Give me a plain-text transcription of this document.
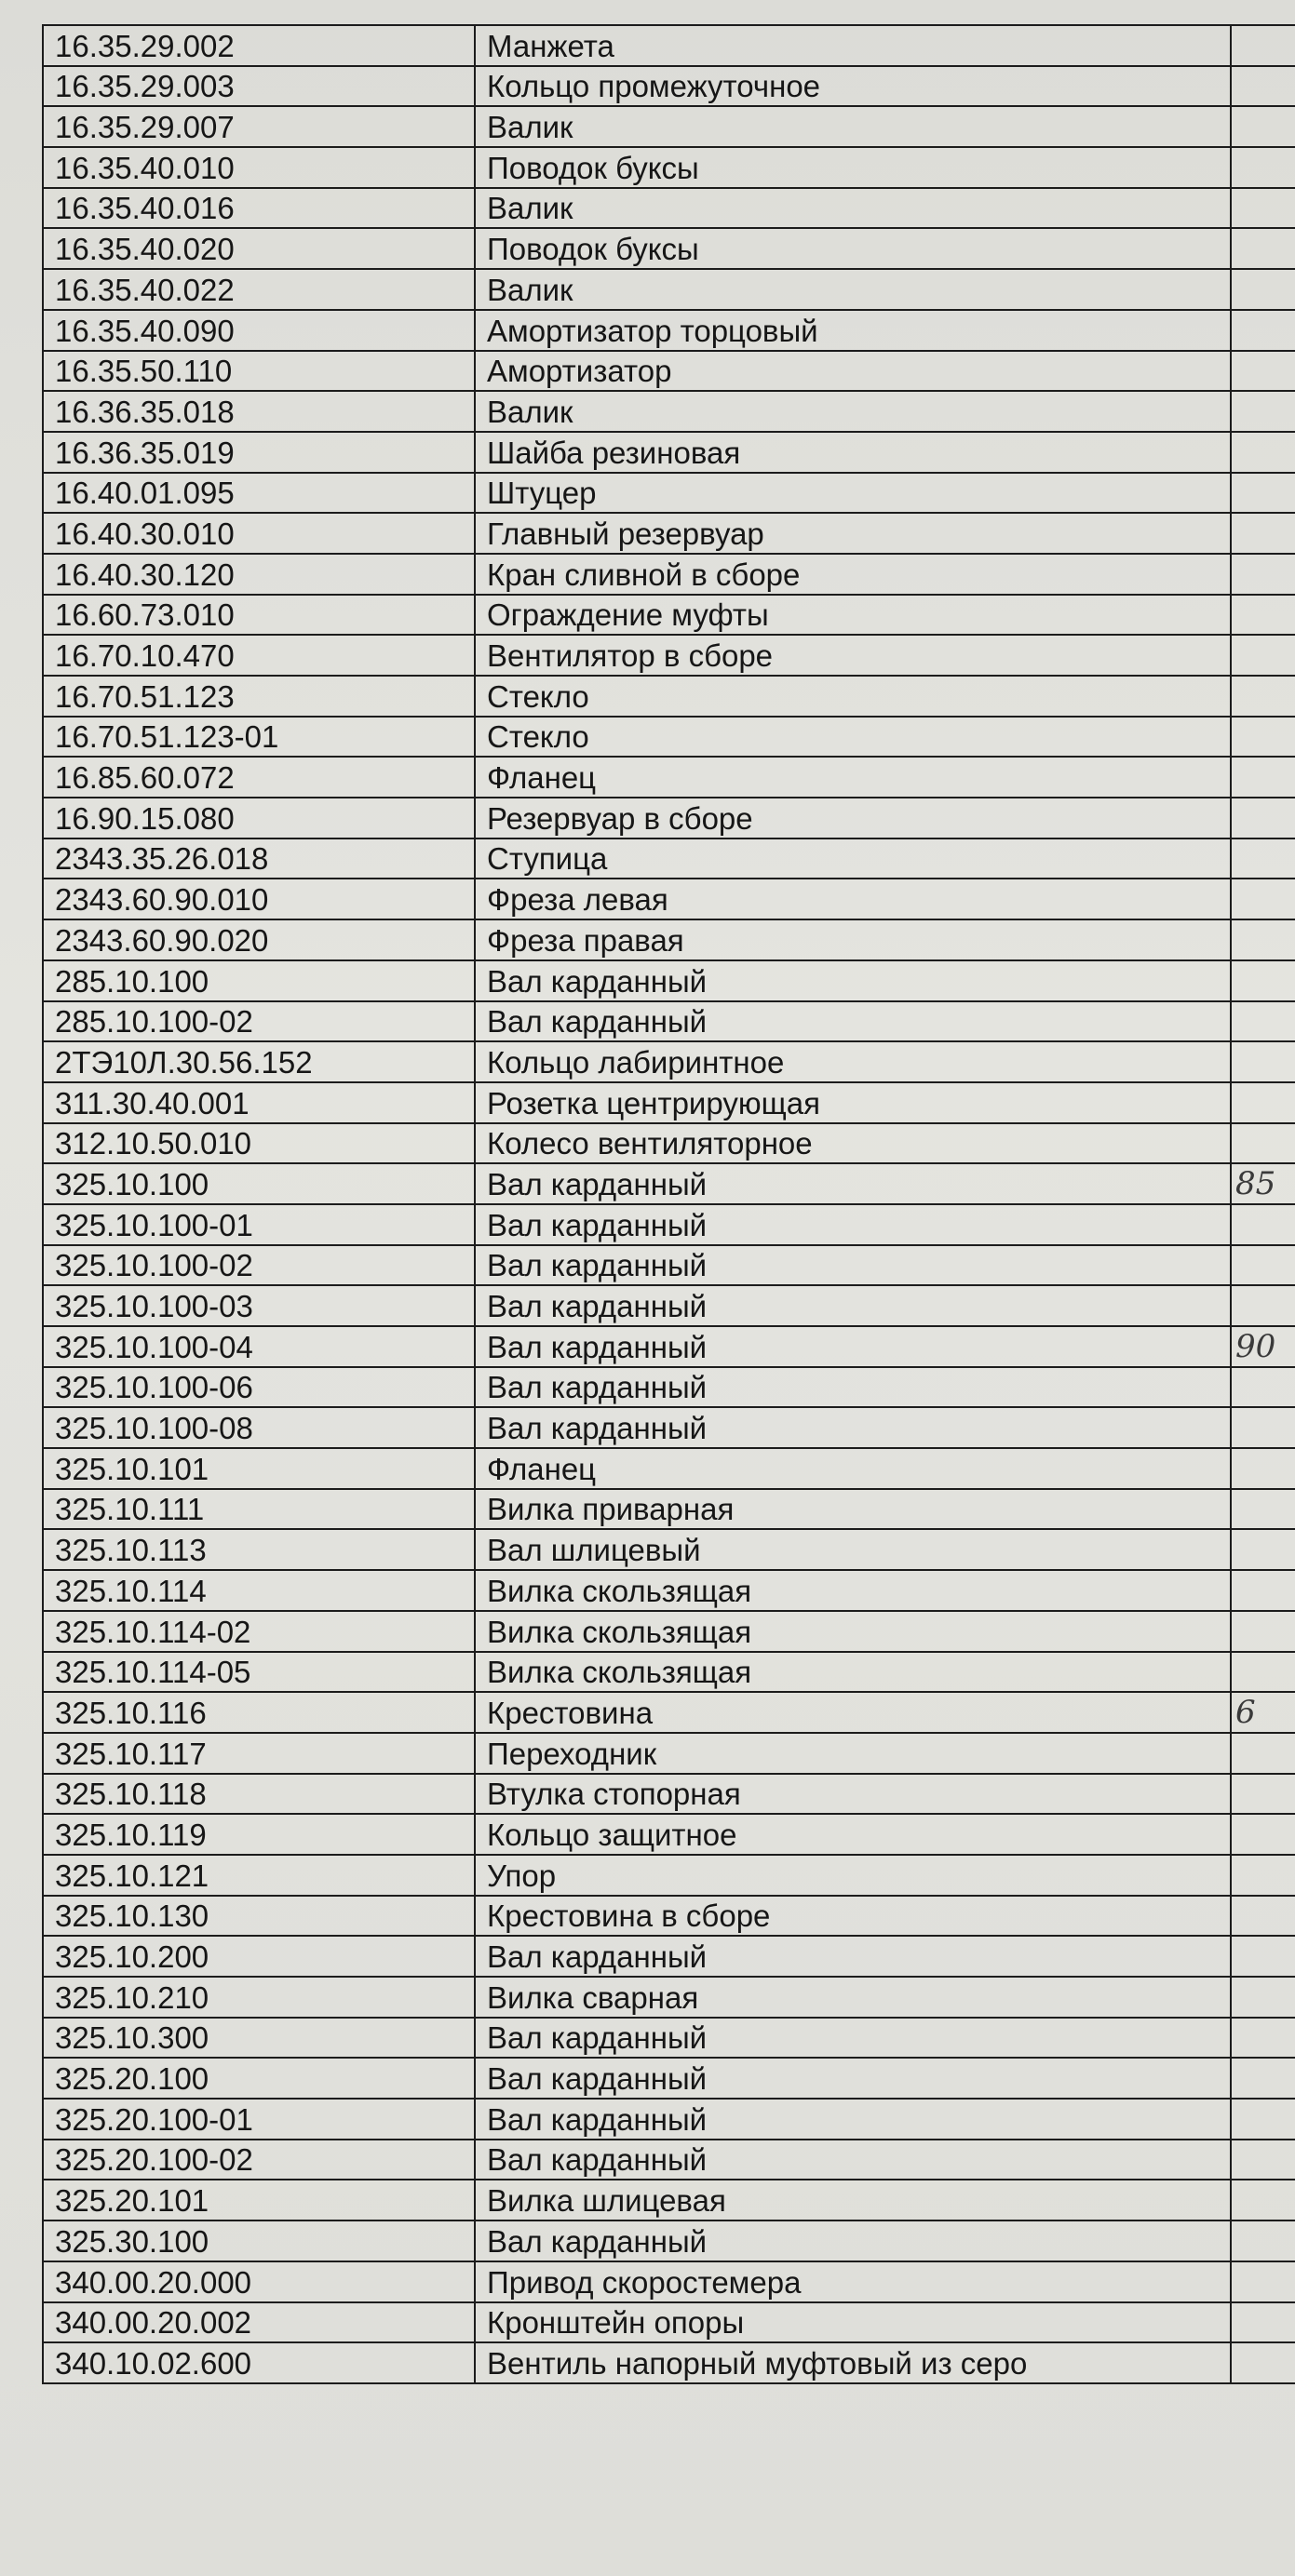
16.35.29.002	Манжета	
16.35.29.003	Кольцо промежуточное	
16.35.29.007	Валик	
16.35.40.010	Поводок буксы	
16.35.40.016	Валик	
16.35.40.020	Поводок буксы	
16.35.40.022	Валик	
16.35.40.090	Амортизатор торцовый	
16.35.50.110	Амортизатор	
16.36.35.018	Валик	
16.36.35.019	Шайба резиновая	
16.40.01.095	Штуцер	
16.40.30.010	Главный резервуар	
16.40.30.120	Кран сливной в сборе	
16.60.73.010	Ограждение муфты	
16.70.10.470	Вентилятор в сборе	
16.70.51.123	Стекло	
16.70.51.123-01	Стекло	
16.85.60.072	Фланец	
16.90.15.080	Резервуар в сборе	
2343.35.26.018	Ступица	
2343.60.90.010	Фреза левая	
2343.60.90.020	Фреза правая	
285.10.100	Вал карданный	
285.10.100-02	Вал карданный	
2ТЭ10Л.30.56.152	Кольцо лабиринтное	
311.30.40.001	Розетка центрирующая	
312.10.50.010	Колесо вентиляторное	
325.10.100	Вал карданный	85
325.10.100-01	Вал карданный	
325.10.100-02	Вал карданный	
325.10.100-03	Вал карданный	
325.10.100-04	Вал карданный	90
325.10.100-06	Вал карданный	
325.10.100-08	Вал карданный	
325.10.101	Фланец	
325.10.111	Вилка приварная	
325.10.113	Вал шлицевый	
325.10.114	Вилка скользящая	
325.10.114-02	Вилка скользящая	
325.10.114-05	Вилка скользящая	
325.10.116	Крестовина	6
325.10.117	Переходник	
325.10.118	Втулка стопорная	
325.10.119	Кольцо защитное	
325.10.121	Упор	
325.10.130	Крестовина в сборе	
325.10.200	Вал карданный	
325.10.210	Вилка сварная	
325.10.300	Вал карданный	
325.20.100	Вал карданный	
325.20.100-01	Вал карданный	
325.20.100-02	Вал карданный	
325.20.101	Вилка шлицевая	
325.30.100	Вал карданный	
340.00.20.000	Привод скоростемера	
340.00.20.002	Кронштейн опоры	
340.10.02.600	Вентиль напорный муфтовый из серо	
